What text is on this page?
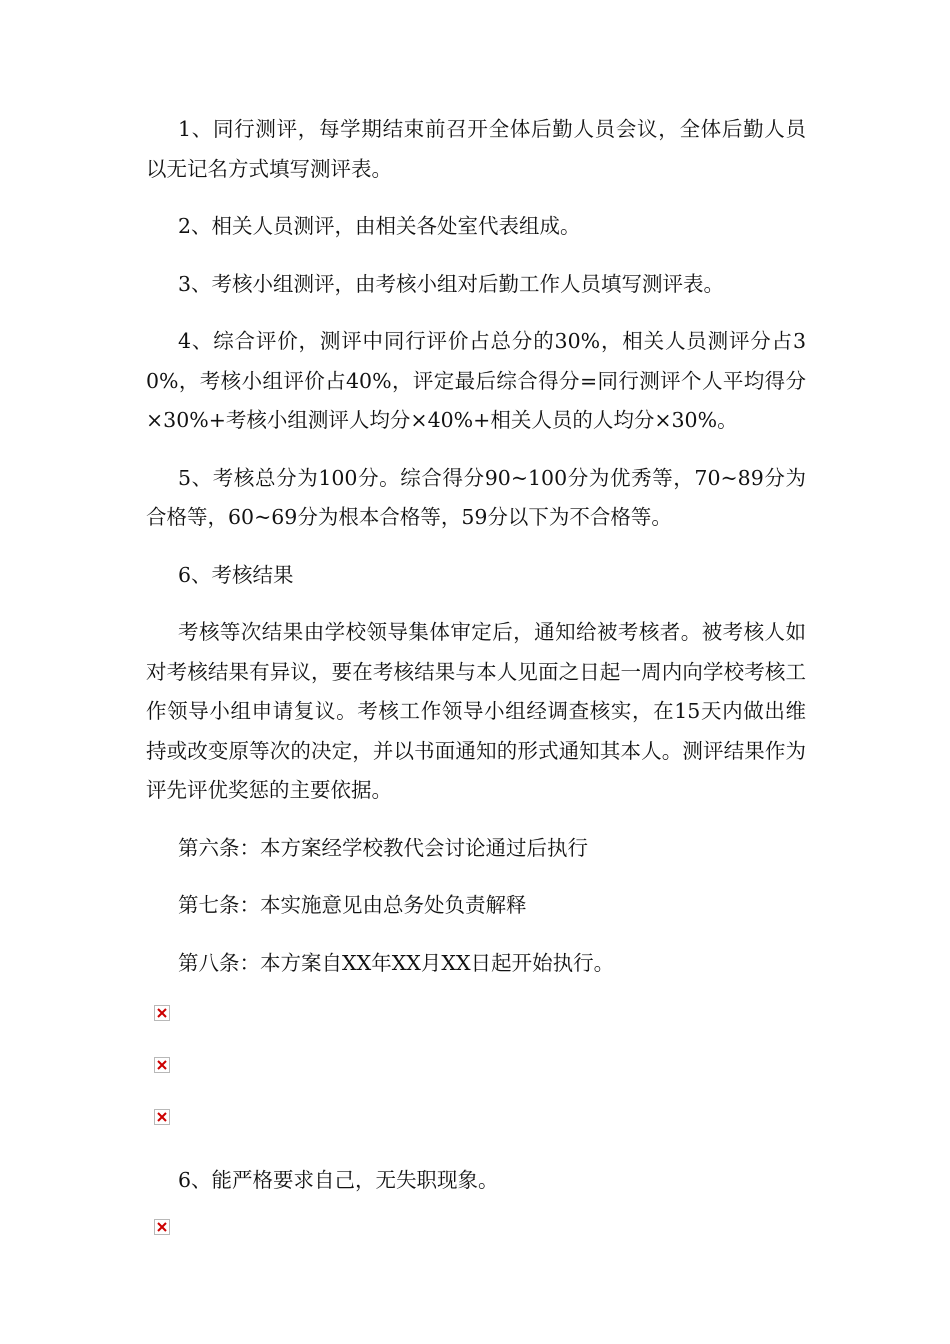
1、同行测评，每学期结束前召开全体后勤人员会议，全体后勤人员以无记名方式填写测评表。

2、相关人员测评，由相关各处室代表组成。

3、考核小组测评，由考核小组对后勤工作人员填写测评表。

4、综合评价，测评中同行评价占总分的30%，相关人员测评分占30%，考核小组评价占40%，评定最后综合得分=同行测评个人平均得分×30%+考核小组测评人均分×40%+相关人员的人均分×30%。

5、考核总分为100分。综合得分90~100分为优秀等，70~89分为合格等，60~69分为根本合格等，59分以下为不合格等。

6、考核结果

考核等次结果由学校领导集体审定后，通知给被考核者。被考核人如对考核结果有异议，要在考核结果与本人见面之日起一周内向学校考核工作领导小组申请复议。考核工作领导小组经调查核实，在15天内做出维持或改变原等次的决定，并以书面通知的形式通知其本人。测评结果作为评先评优奖惩的主要依据。

第六条：本方案经学校教代会讨论通过后执行

第七条：本实施意见由总务处负责解释

第八条：本方案自XX年XX月XX日起开始执行。

6、能严格要求自己，无失职现象。
